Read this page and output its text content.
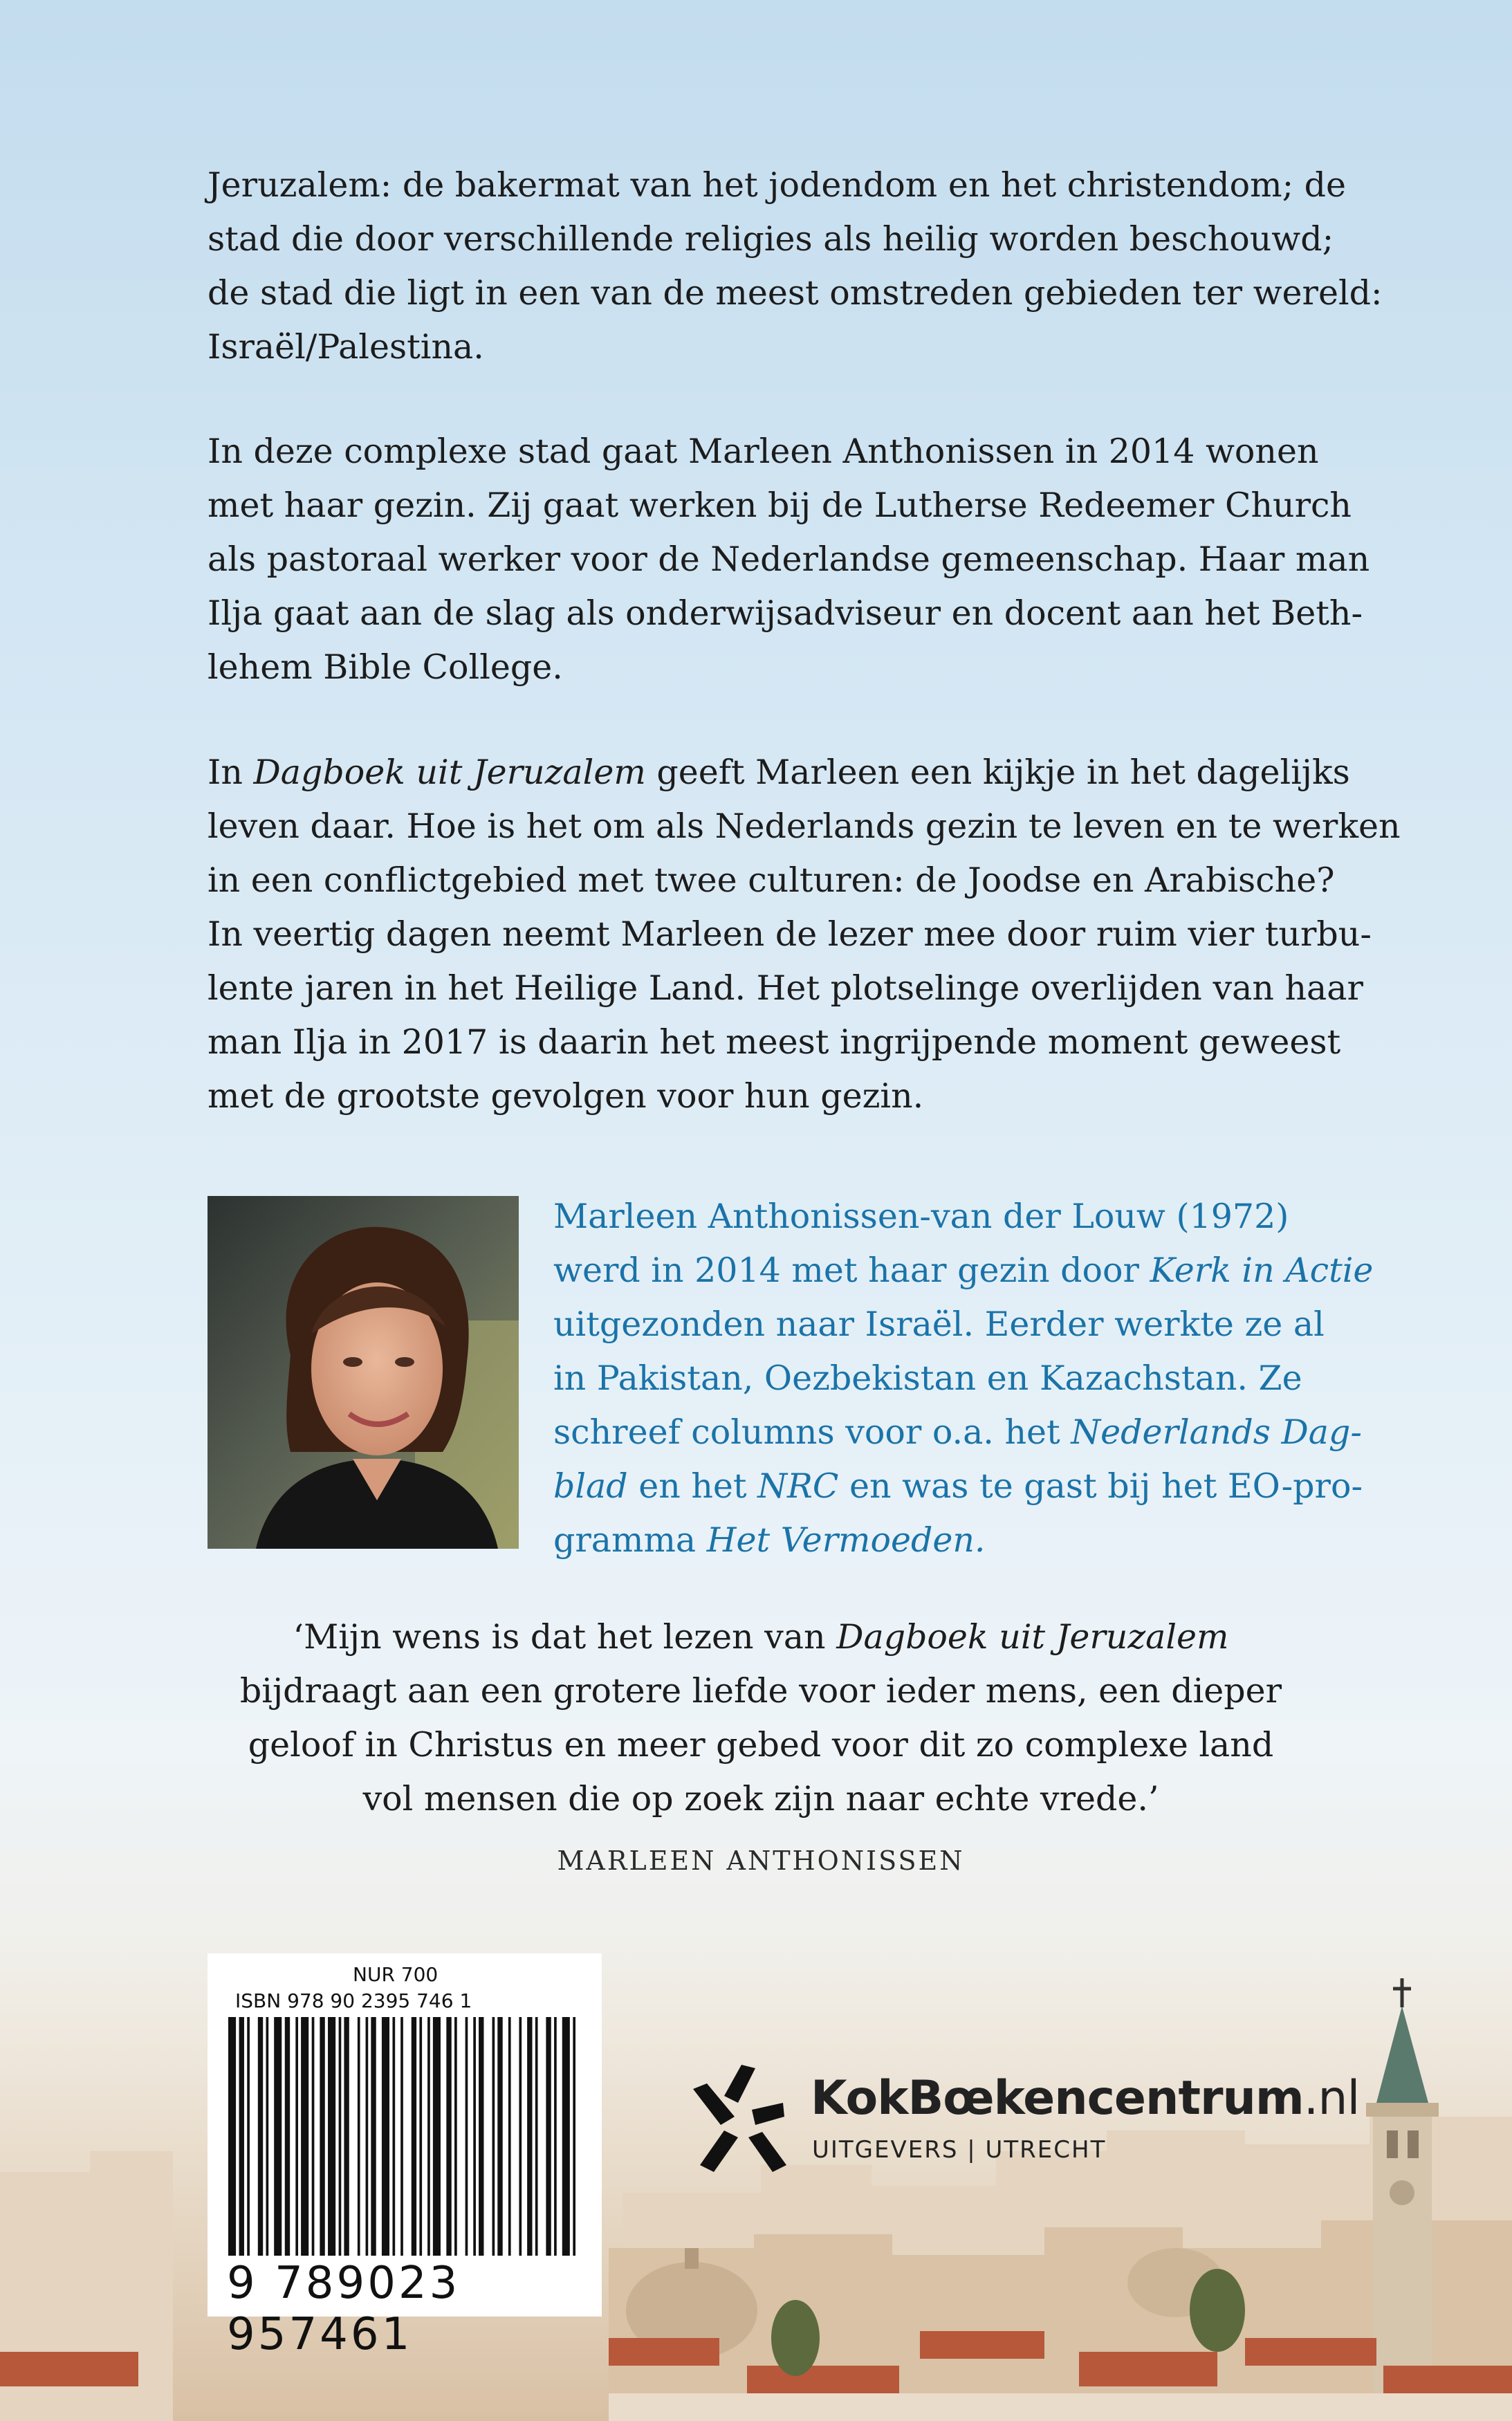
Jeruzalem: de bakermat van het jodendom en het christendom; de
stad die door verschillende religies als heilig worden beschouwd;
de stad die ligt in een van de meest omstreden gebieden ter wereld:
Israël/Palestina.

In deze complexe stad gaat Marleen Anthonissen in 2014 wonen
met haar gezin. Zij gaat werken bij de Lutherse Redeemer Church
als pastoraal werker voor de Nederlandse gemeenschap. Haar man
Ilja gaat aan de slag als onderwijsadviseur en docent aan het Beth-
lehem Bible College.

In Dagboek uit Jeruzalem geeft Marleen een kijkje in het dagelijks
leven daar. Hoe is het om als Nederlands gezin te leven en te werken
in een conflictgebied met twee culturen: de Joodse en Arabische?
In veertig dagen neemt Marleen de lezer mee door ruim vier turbu-
lente jaren in het Heilige Land. Het plotselinge overlijden van haar
man Ilja in 2017 is daarin het meest ingrijpende moment geweest
met de grootste gevolgen voor hun gezin.

Marleen Anthonissen-van der Louw (1972)
werd in 2014 met haar gezin door Kerk in Actie
uitgezonden naar Israël. Eerder werkte ze al
in Pakistan, Oezbekistan en Kazachstan. Ze
schreef columns voor o.a. het Nederlands Dag-
blad en het NRC en was te gast bij het EO-pro-
gramma Het Vermoeden.

‘Mijn wens is dat het lezen van Dagboek uit Jeruzalem
bijdraagt aan een grotere liefde voor ieder mens, een dieper
geloof in Christus en meer gebed voor dit zo complexe land
vol mensen die op zoek zijn naar echte vrede.’

MARLEEN ANTHONISSEN
NUR 700
ISBN 978 90 2395 746 1
9 789023 957461
KokBœkencentrum.nl
UITGEVERS | UTRECHT
